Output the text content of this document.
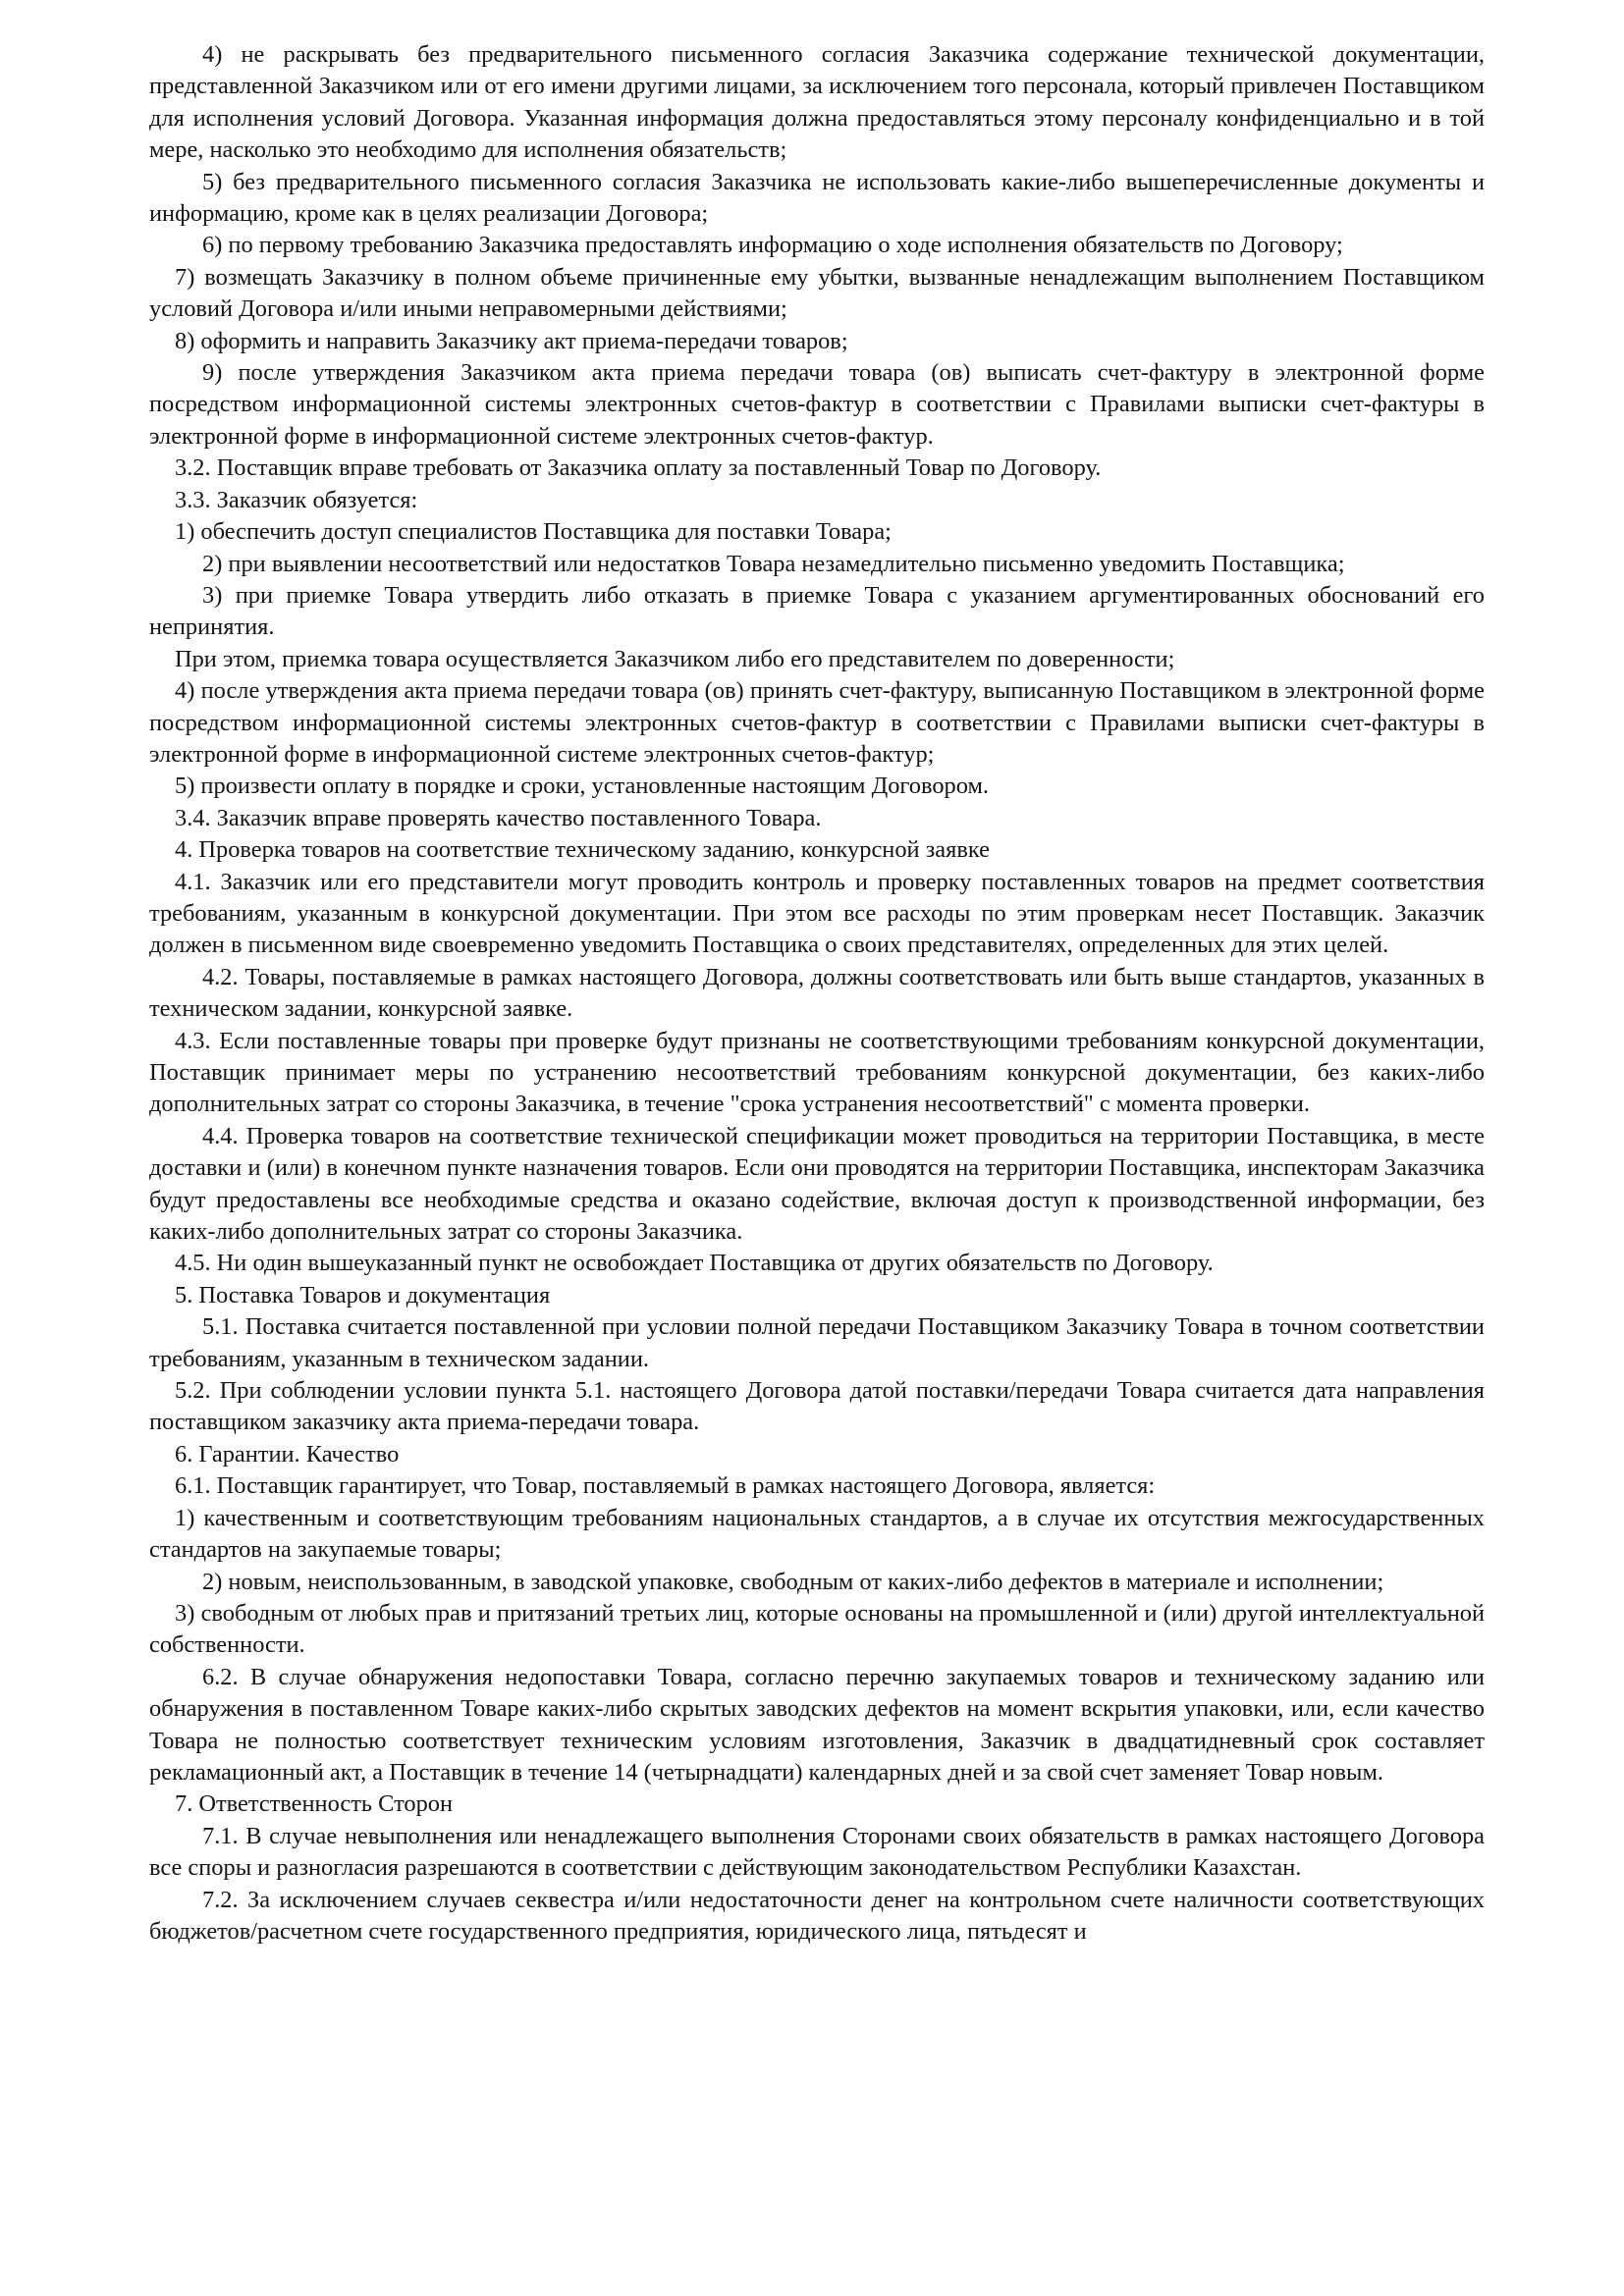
4) не раскрывать без предварительного письменного согласия Заказчика содержание технической документации, представленной Заказчиком или от его имени другими лицами, за исключением того персонала, который привлечен Поставщиком для исполнения условий Договора. Указанная информация должна предоставляться этому персоналу конфиденциально и в той мере, насколько это необходимо для исполнения обязательств;

5) без предварительного письменного согласия Заказчика не использовать какие-либо вышеперечисленные документы и информацию, кроме как в целях реализации Договора;

6) по первому требованию Заказчика предоставлять информацию о ходе исполнения обязательств по Договору;

7) возмещать Заказчику в полном объеме причиненные ему убытки, вызванные ненадлежащим выполнением Поставщиком условий Договора и/или иными неправомерными действиями;

8) оформить и направить Заказчику акт приема-передачи товаров;

9) после утверждения Заказчиком акта приема передачи товара (ов) выписать счет-фактуру в электронной форме посредством информационной системы электронных счетов-фактур в соответствии с Правилами выписки счет-фактуры в электронной форме в информационной системе электронных счетов-фактур.

3.2. Поставщик вправе требовать от Заказчика оплату за поставленный Товар по Договору.

3.3. Заказчик обязуется:

1) обеспечить доступ специалистов Поставщика для поставки Товара;

2) при выявлении несоответствий или недостатков Товара незамедлительно письменно уведомить Поставщика;

3) при приемке Товара утвердить либо отказать в приемке Товара с указанием аргументированных обоснований его непринятия.

При этом, приемка товара осуществляется Заказчиком либо его представителем по доверенности;

4) после утверждения акта приема передачи товара (ов) принять счет-фактуру, выписанную Поставщиком в электронной форме посредством информационной системы электронных счетов-фактур в соответствии с Правилами выписки счет-фактуры в электронной форме в информационной системе электронных счетов-фактур;

5) произвести оплату в порядке и сроки, установленные настоящим Договором.

3.4. Заказчик вправе проверять качество поставленного Товара.

4. Проверка товаров на соответствие техническому заданию, конкурсной заявке

4.1. Заказчик или его представители могут проводить контроль и проверку поставленных товаров на предмет соответствия требованиям, указанным в конкурсной документации. При этом все расходы по этим проверкам несет Поставщик. Заказчик должен в письменном виде своевременно уведомить Поставщика о своих представителях, определенных для этих целей.

4.2. Товары, поставляемые в рамках настоящего Договора, должны соответствовать или быть выше стандартов, указанных в техническом задании, конкурсной заявке.

4.3. Если поставленные товары при проверке будут признаны не соответствующими требованиям конкурсной документации, Поставщик принимает меры по устранению несоответствий требованиям конкурсной документации, без каких-либо дополнительных затрат со стороны Заказчика, в течение "срока устранения несоответствий" с момента проверки.

4.4. Проверка товаров на соответствие технической спецификации может проводиться на территории Поставщика, в месте доставки и (или) в конечном пункте назначения товаров. Если они проводятся на территории Поставщика, инспекторам Заказчика будут предоставлены все необходимые средства и оказано содействие, включая доступ к производственной информации, без каких-либо дополнительных затрат со стороны Заказчика.

4.5. Ни один вышеуказанный пункт не освобождает Поставщика от других обязательств по Договору.

5. Поставка Товаров и документация

5.1. Поставка считается поставленной при условии полной передачи Поставщиком Заказчику Товара в точном соответствии требованиям, указанным в техническом задании.

5.2. При соблюдении условии пункта 5.1. настоящего Договора датой поставки/передачи Товара считается дата направления поставщиком заказчику акта приема-передачи товара.

6. Гарантии. Качество

6.1. Поставщик гарантирует, что Товар, поставляемый в рамках настоящего Договора, является:

1) качественным и соответствующим требованиям национальных стандартов, а в случае их отсутствия межгосударственных стандартов на закупаемые товары;

2) новым, неиспользованным, в заводской упаковке, свободным от каких-либо дефектов в материале и исполнении;

3) свободным от любых прав и притязаний третьих лиц, которые основаны на промышленной и (или) другой интеллектуальной собственности.

6.2. В случае обнаружения недопоставки Товара, согласно перечню закупаемых товаров и техническому заданию или обнаружения в поставленном Товаре каких-либо скрытых заводских дефектов на момент вскрытия упаковки, или, если качество Товара не полностью соответствует техническим условиям изготовления, Заказчик в двадцатидневный срок составляет рекламационный акт, а Поставщик в течение 14 (четырнадцати) календарных дней и за свой счет заменяет Товар новым.

7. Ответственность Сторон

7.1. В случае невыполнения или ненадлежащего выполнения Сторонами своих обязательств в рамках настоящего Договора все споры и разногласия разрешаются в соответствии с действующим законодательством Республики Казахстан.

7.2. За исключением случаев секвестра и/или недостаточности денег на контрольном счете наличности соответствующих бюджетов/расчетном счете государственного предприятия, юридического лица, пятьдесят и
